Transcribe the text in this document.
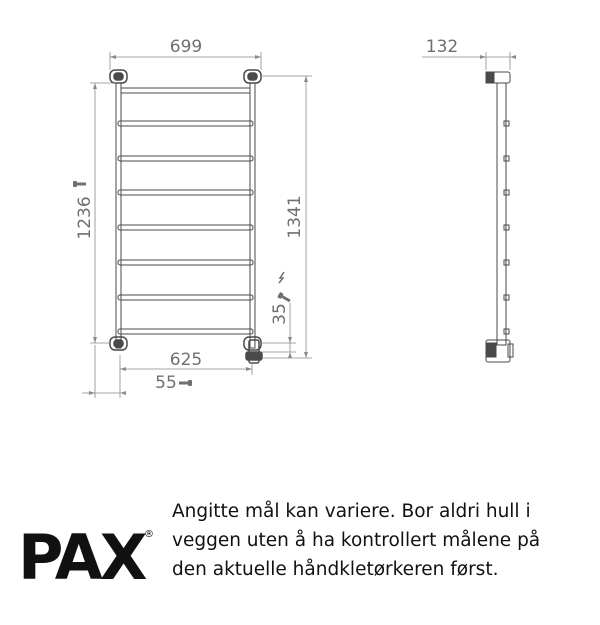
699
1236	1341
35
625
55
132
PAX ®
Angitte mål kan variere. Bor aldri hull i
veggen uten å ha kontrollert målene på
den aktuelle håndkletørkeren først.
